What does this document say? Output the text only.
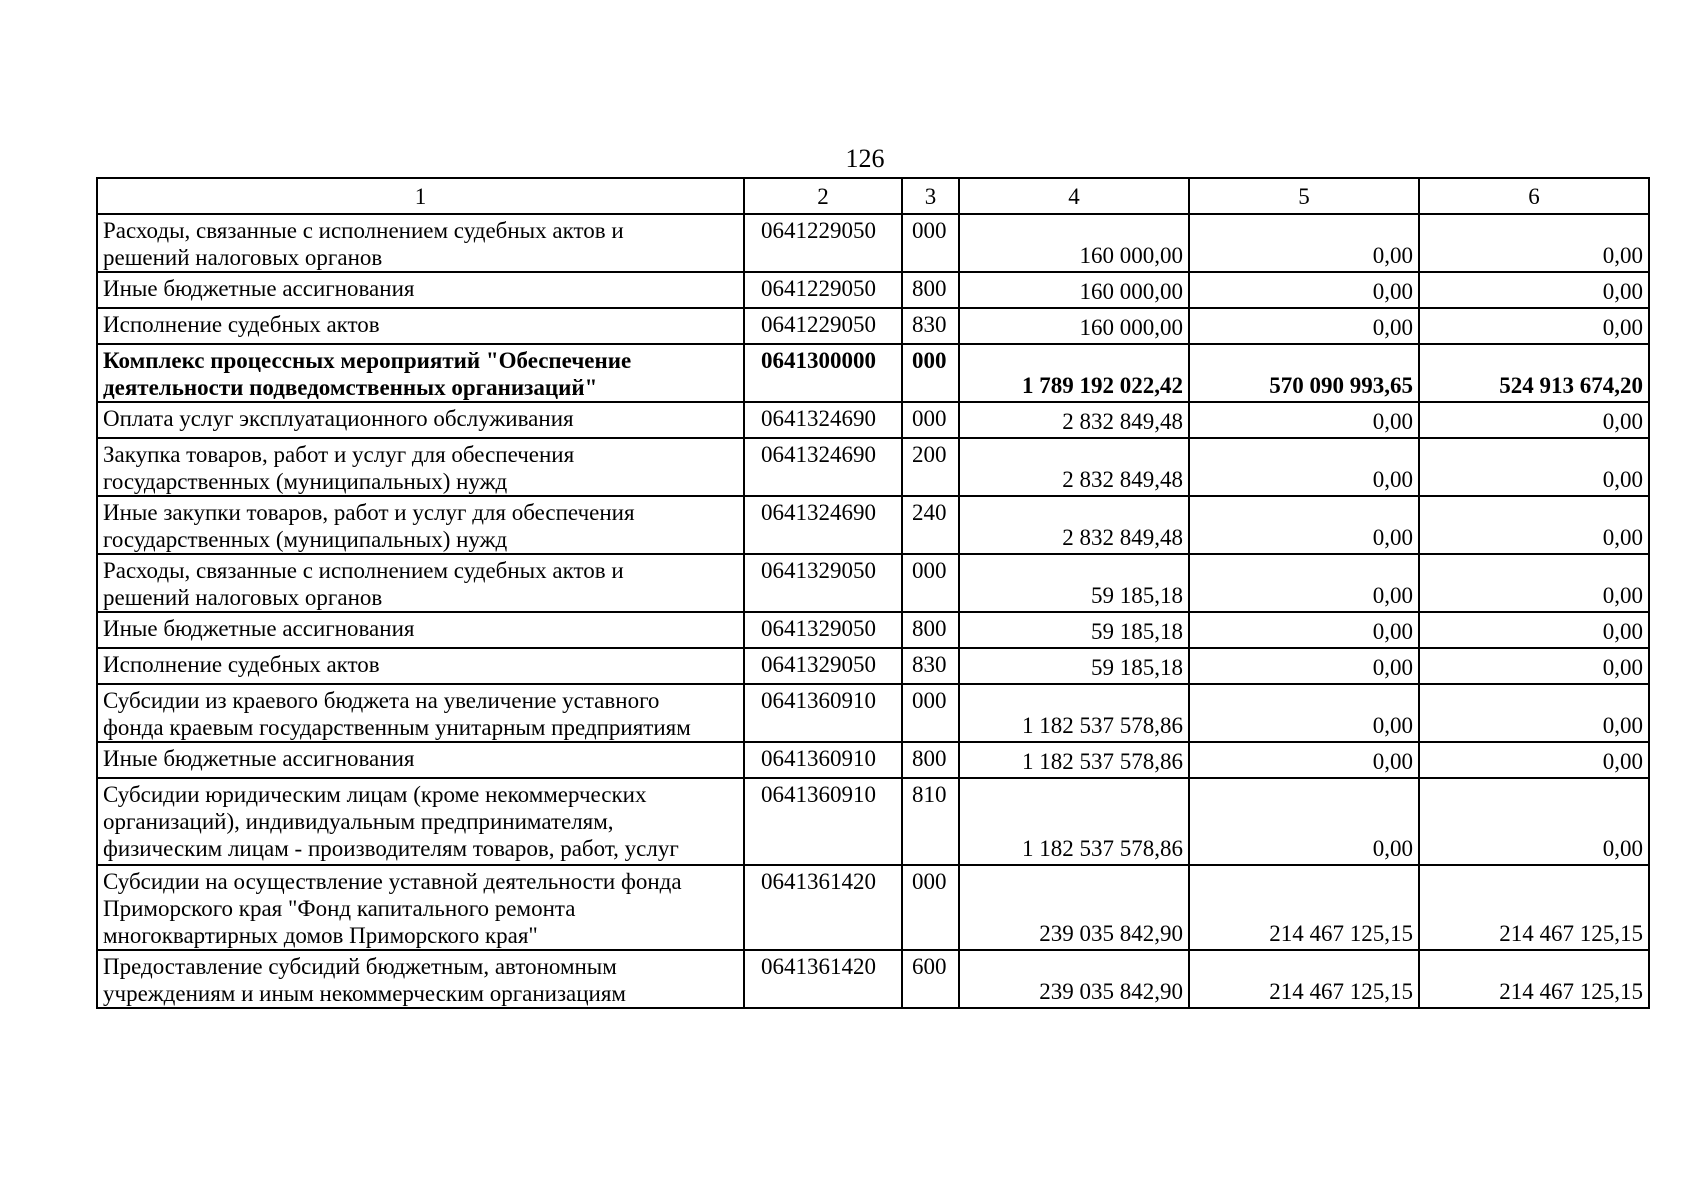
126
1	2	3	4	5	6
Расходы, связанные с исполнением судебных актов и
решений налоговых органов	0641229050	000	160 000,00	0,00	0,00
Иные бюджетные ассигнования	0641229050	800	160 000,00	0,00	0,00
Исполнение судебных актов	0641229050	830	160 000,00	0,00	0,00
Комплекс процессных мероприятий "Обеспечение
деятельности подведомственных организаций"	0641300000	000	1 789 192 022,42	570 090 993,65	524 913 674,20
Оплата услуг эксплуатационного обслуживания	0641324690	000	2 832 849,48	0,00	0,00
Закупка товаров, работ и услуг для обеспечения
государственных (муниципальных) нужд	0641324690	200	2 832 849,48	0,00	0,00
Иные закупки товаров, работ и услуг для обеспечения
государственных (муниципальных) нужд	0641324690	240	2 832 849,48	0,00	0,00
Расходы, связанные с исполнением судебных актов и
решений налоговых органов	0641329050	000	59 185,18	0,00	0,00
Иные бюджетные ассигнования	0641329050	800	59 185,18	0,00	0,00
Исполнение судебных актов	0641329050	830	59 185,18	0,00	0,00
Субсидии из краевого бюджета на увеличение уставного
фонда краевым государственным унитарным предприятиям	0641360910	000	1 182 537 578,86	0,00	0,00
Иные бюджетные ассигнования	0641360910	800	1 182 537 578,86	0,00	0,00
Субсидии юридическим лицам (кроме некоммерческих
организаций), индивидуальным предпринимателям,
физическим лицам - производителям товаров, работ, услуг	0641360910	810	1 182 537 578,86	0,00	0,00
Субсидии на осуществление уставной деятельности фонда
Приморского края "Фонд капитального ремонта
многоквартирных домов Приморского края"	0641361420	000	239 035 842,90	214 467 125,15	214 467 125,15
Предоставление субсидий бюджетным, автономным
учреждениям и иным некоммерческим организациям	0641361420	600	239 035 842,90	214 467 125,15	214 467 125,15
